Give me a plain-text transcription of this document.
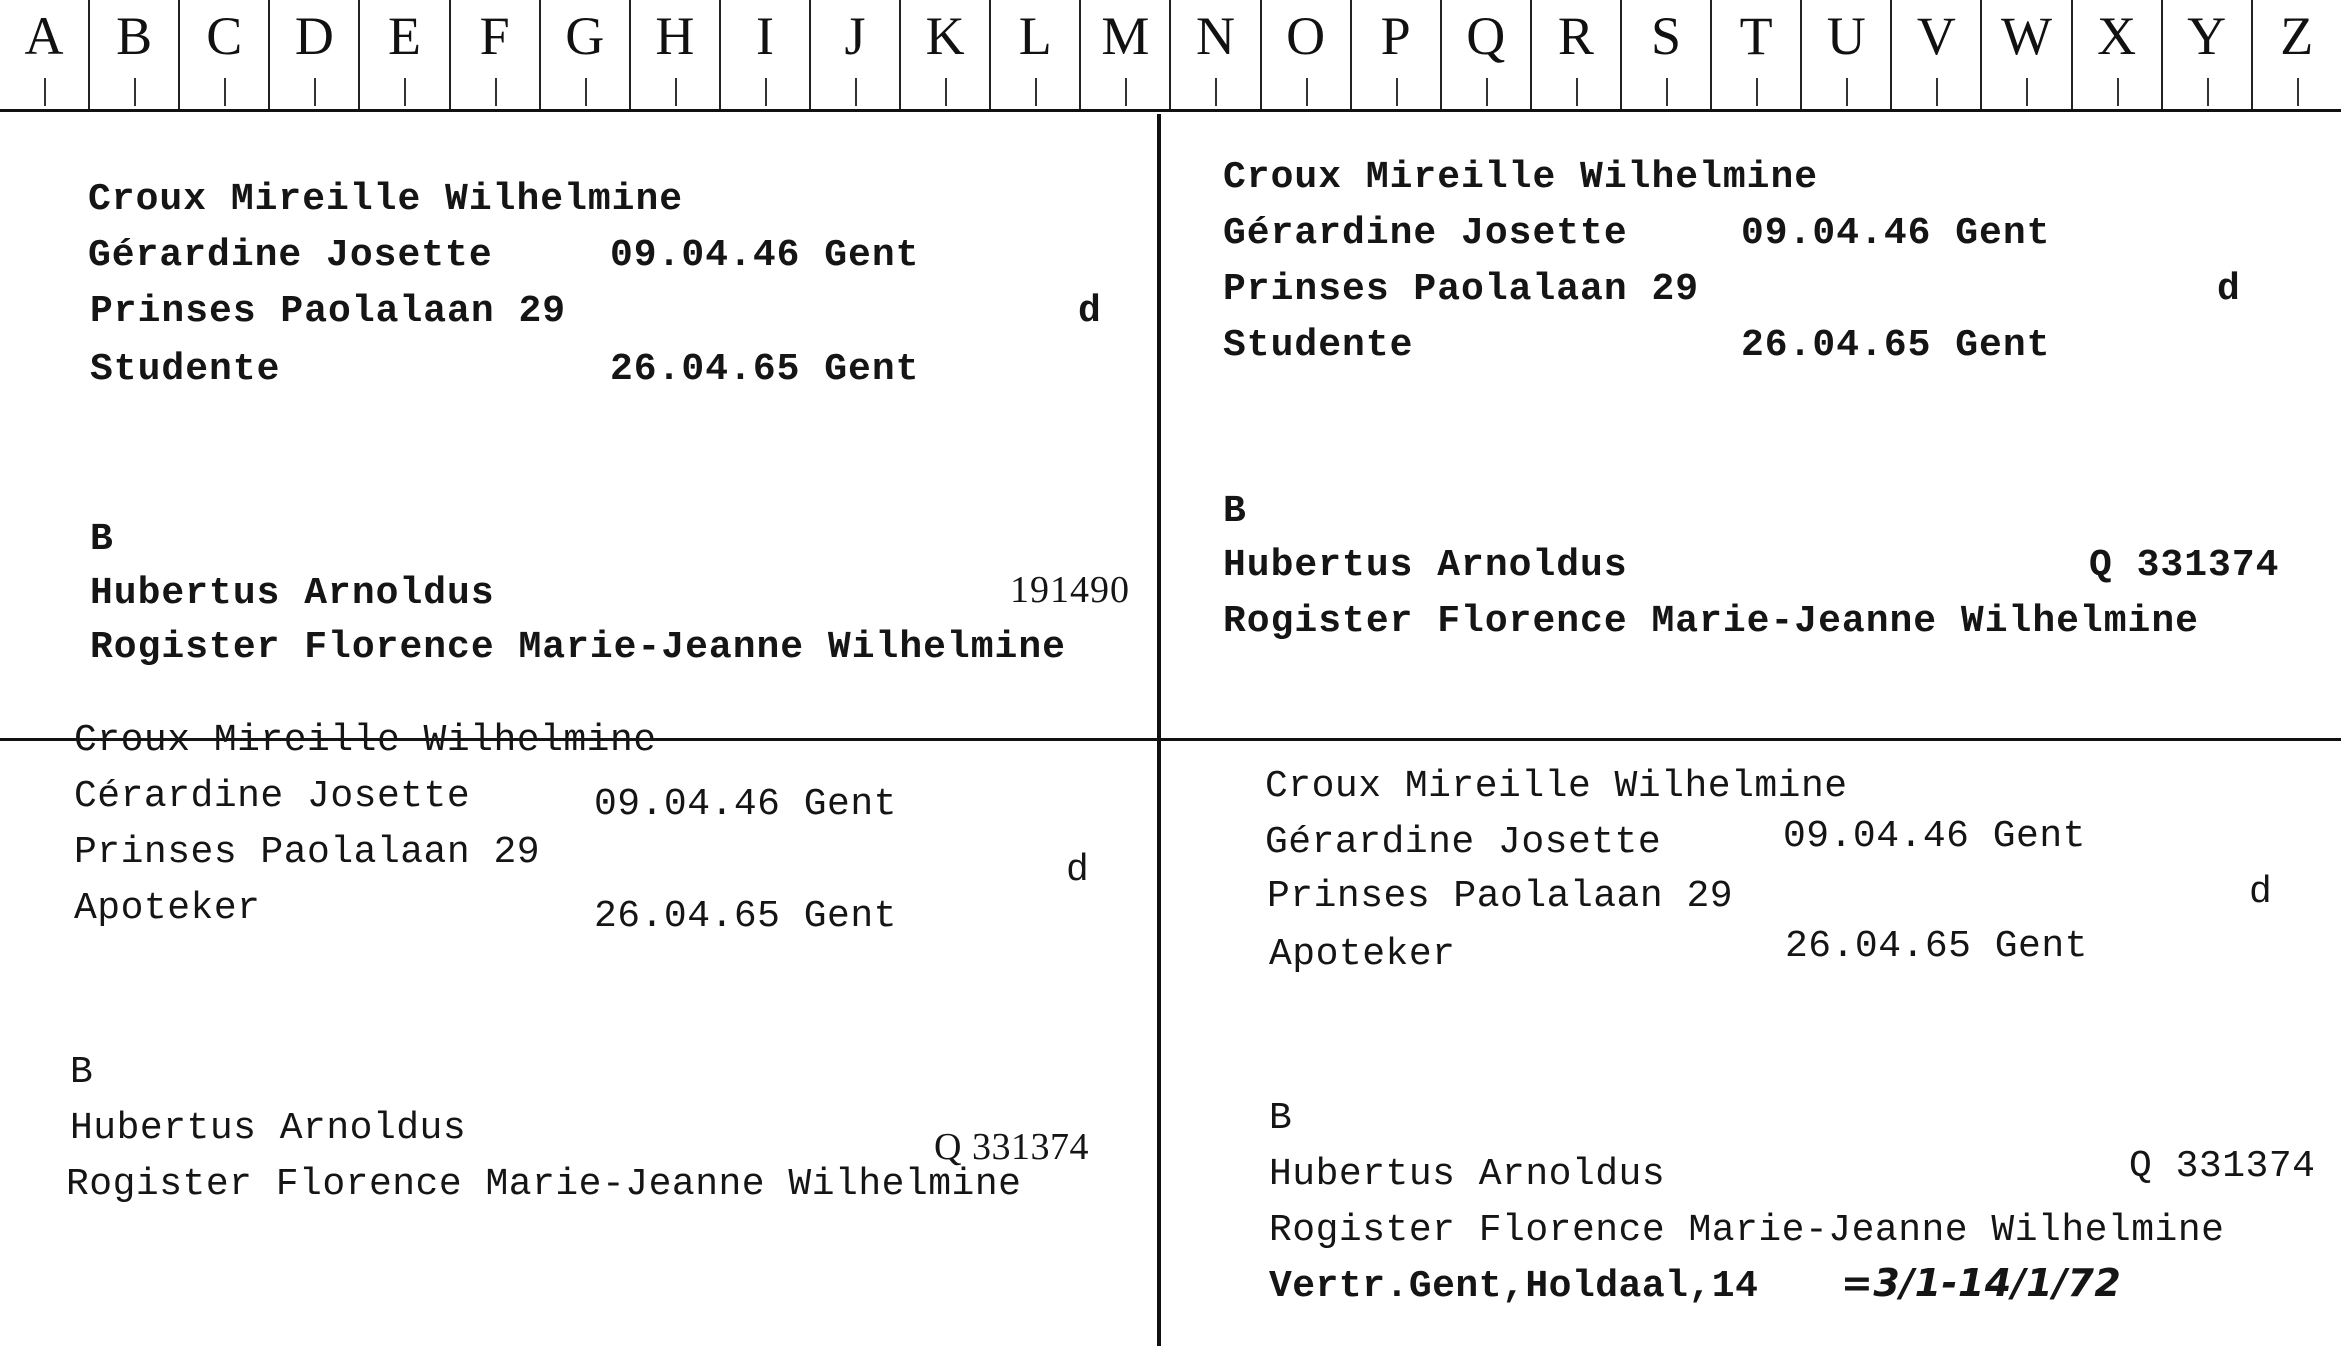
A B	C D	E	F	G H	I	J	K	L M N O	P	Q R	S	T	U V W X Y	Z
Croux Mireille Wilhelmine
Gérardine Josette	09.04.46 Gent
Prinses Paolalaan 29	d
Studente	26.04.65 Gent
B
Hubertus Arnoldus	191490
Rogister Florence Marie-Jeanne Wilhelmine
Croux Mireille Wilhelmine
Gérardine Josette	09.04.46 Gent
Prinses Paolalaan 29	d
Studente	26.04.65 Gent
B
Hubertus Arnoldus	Q 331374
Rogister Florence Marie-Jeanne Wilhelmine
Croux Mireille Wilhelmine
Cérardine Josette	09.04.46 Gent
Prinses Paolalaan 29	d
Apoteker	26.04.65 Gent
B
Hubertus Arnoldus	Q 331374
Rogister Florence Marie-Jeanne Wilhelmine
Croux Mireille Wilhelmine
Gérardine Josette	09.04.46 Gent
Prinses Paolalaan 29	d
Apoteker	26.04.65 Gent
B
Hubertus Arnoldus	Q 331374
Rogister Florence Marie-Jeanne Wilhelmine
Vertr.Gent,Holdaal,14 =3/1-14/1/72
